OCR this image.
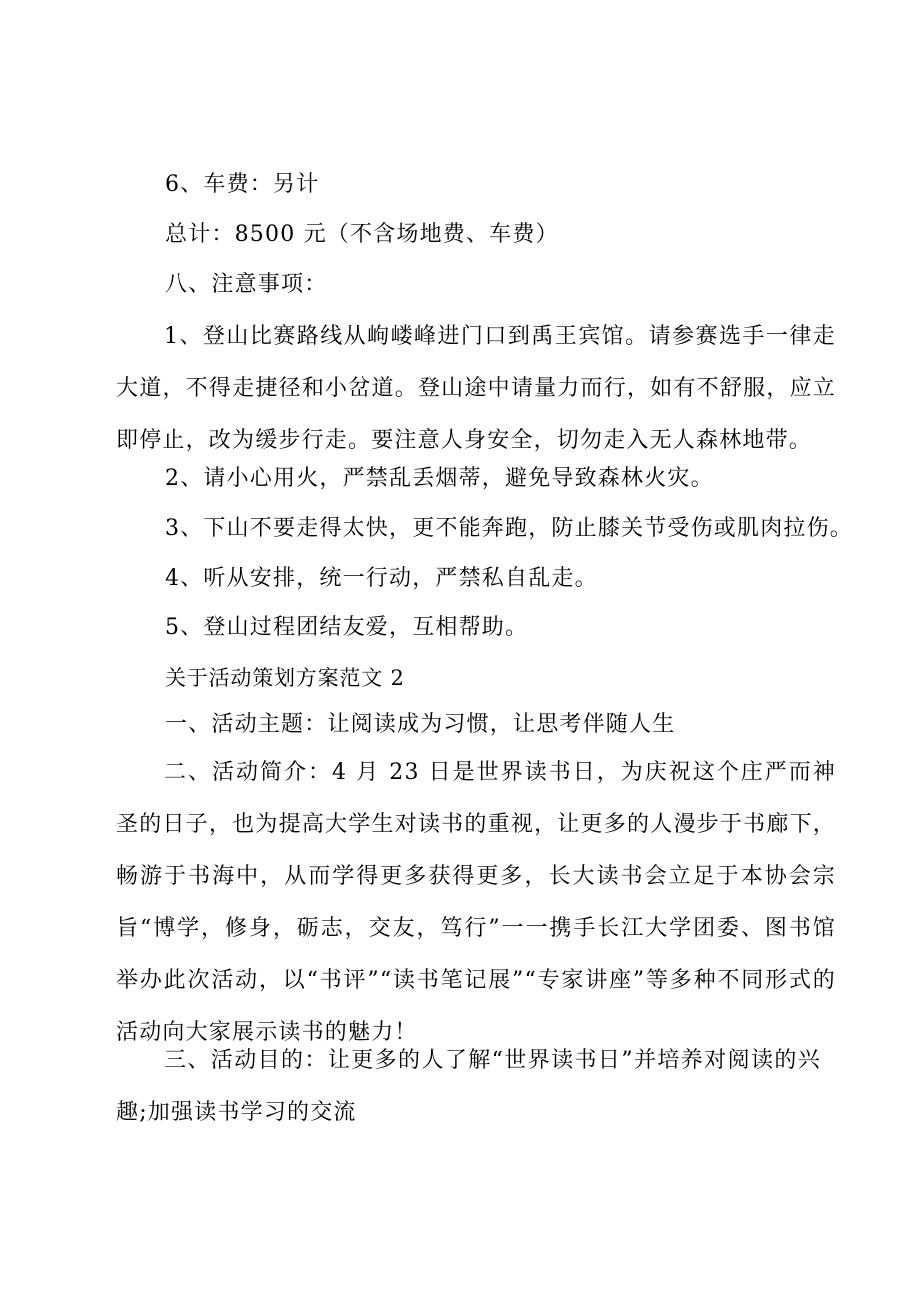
6、车费：另计
总计：8500 元（不含场地费、车费）
八、注意事项：
1、登山比赛路线从岣嵝峰进门口到禹王宾馆。请参赛选手一律走大道，不得走捷径和小岔道。登山途中请量力而行，如有不舒服，应立即停止，改为缓步行走。要注意人身安全，切勿走入无人森林地带。
2、请小心用火，严禁乱丢烟蒂，避免导致森林火灾。
3、下山不要走得太快，更不能奔跑，防止膝关节受伤或肌肉拉伤。
4、听从安排，统一行动，严禁私自乱走。
5、登山过程团结友爱，互相帮助。
关于活动策划方案范文 2
一、活动主题：让阅读成为习惯，让思考伴随人生
二、活动简介：4 月 23 日是世界读书日，为庆祝这个庄严而神圣的日子，也为提高大学生对读书的重视，让更多的人漫步于书廊下，畅游于书海中，从而学得更多获得更多，长大读书会立足于本协会宗旨“博学，修身，砺志，交友，笃行”一一携手长江大学团委、图书馆举办此次活动，以“书评”“读书笔记展”“专家讲座”等多种不同形式的活动向大家展示读书的魅力！
三、活动目的：让更多的人了解“世界读书日”并培养对阅读的兴趣;加强读书学习的交流
